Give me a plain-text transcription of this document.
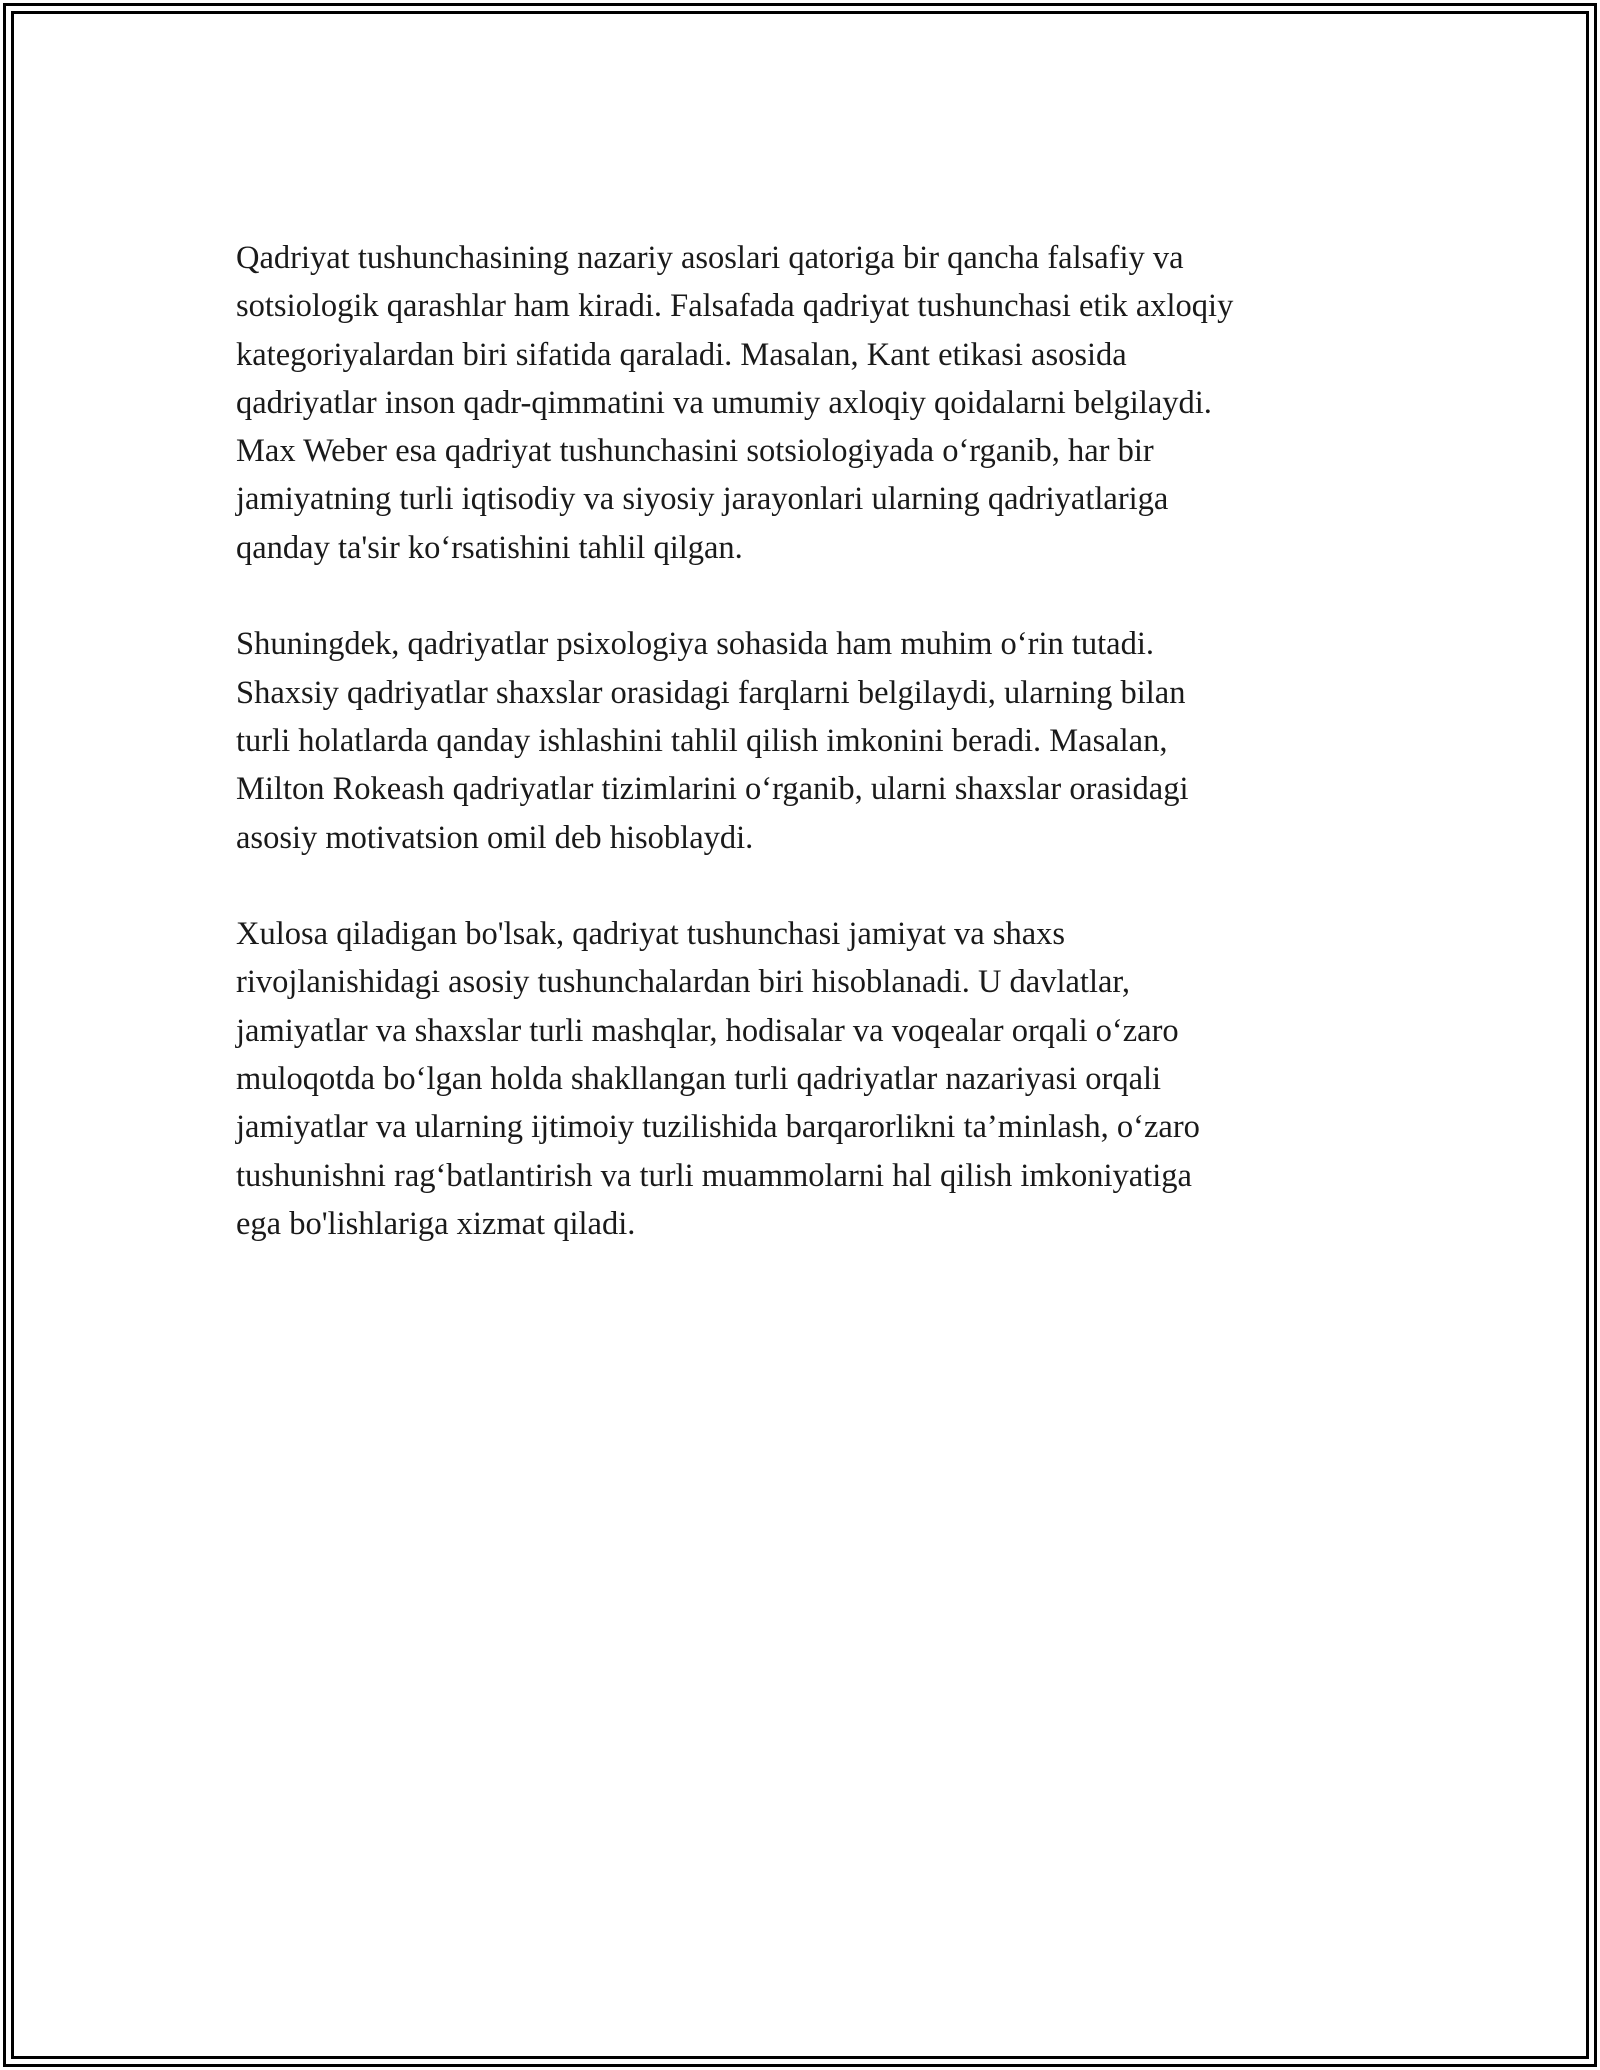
Qadriyat tushunchasining nazariy asoslari qatoriga bir qancha falsafiy va
sotsiologik qarashlar ham kiradi. Falsafada qadriyat tushunchasi etik axloqiy
kategoriyalardan biri sifatida qaraladi. Masalan, Kant etikasi asosida
qadriyatlar inson qadr-qimmatini va umumiy axloqiy qoidalarni belgilaydi.
Max Weber esa qadriyat tushunchasini sotsiologiyada o‘rganib, har bir
jamiyatning turli iqtisodiy va siyosiy jarayonlari ularning qadriyatlariga
qanday ta'sir ko‘rsatishini tahlil qilgan.

Shuningdek, qadriyatlar psixologiya sohasida ham muhim o‘rin tutadi.
Shaxsiy qadriyatlar shaxslar orasidagi farqlarni belgilaydi, ularning bilan
turli holatlarda qanday ishlashini tahlil qilish imkonini beradi. Masalan,
Milton Rokeash qadriyatlar tizimlarini o‘rganib, ularni shaxslar orasidagi
asosiy motivatsion omil deb hisoblaydi.

Xulosa qiladigan bo'lsak, qadriyat tushunchasi jamiyat va shaxs
rivojlanishidagi asosiy tushunchalardan biri hisoblanadi. U davlatlar,
jamiyatlar va shaxslar turli mashqlar, hodisalar va voqealar orqali o‘zaro
muloqotda bo‘lgan holda shakllangan turli qadriyatlar nazariyasi orqali
jamiyatlar va ularning ijtimoiy tuzilishida barqarorlikni ta’minlash, o‘zaro
tushunishni rag‘batlantirish va turli muammolarni hal qilish imkoniyatiga
ega bo'lishlariga xizmat qiladi.
